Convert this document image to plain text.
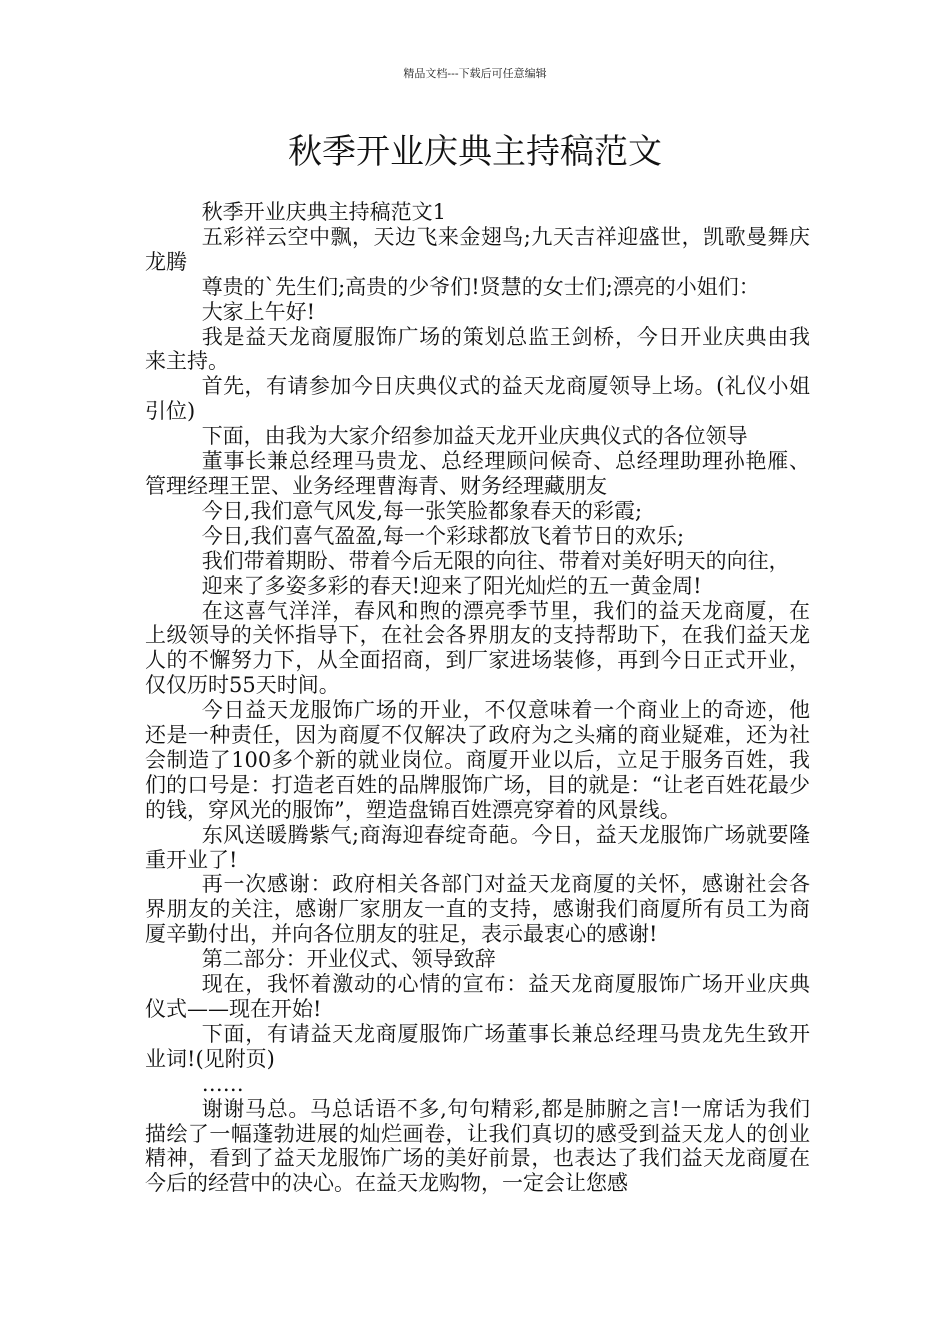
精品文档---下载后可任意编辑
秋季开业庆典主持稿范文

秋季开业庆典主持稿范文1

五彩祥云空中飘，天边飞来金翅鸟;九天吉祥迎盛世，凯歌曼舞庆龙腾

尊贵的`先生们;高贵的少爷们!贤慧的女士们;漂亮的小姐们：

大家上午好!

我是益天龙商厦服饰广场的策划总监王剑桥，今日开业庆典由我来主持。

首先，有请参加今日庆典仪式的益天龙商厦领导上场。(礼仪小姐引位)

下面，由我为大家介绍参加益天龙开业庆典仪式的各位领导

董事长兼总经理马贵龙、总经理顾问候奇、总经理助理孙艳雁、管理经理王罡、业务经理曹海青、财务经理藏朋友

今日,我们意气风发,每一张笑脸都象春天的彩霞;

今日,我们喜气盈盈,每一个彩球都放飞着节日的欢乐;

我们带着期盼、带着今后无限的向往、带着对美好明天的向往，

迎来了多姿多彩的春天!迎来了阳光灿烂的五一黄金周!

在这喜气洋洋，春风和煦的漂亮季节里，我们的益天龙商厦，在上级领导的关怀指导下，在社会各界朋友的支持帮助下，在我们益天龙人的不懈努力下，从全面招商，到厂家进场装修，再到今日正式开业，仅仅历时55天时间。

今日益天龙服饰广场的开业，不仅意味着一个商业上的奇迹，他还是一种责任，因为商厦不仅解决了政府为之头痛的商业疑难，还为社会制造了100多个新的就业岗位。商厦开业以后，立足于服务百姓，我们的口号是：打造老百姓的品牌服饰广场，目的就是：“让老百姓花最少的钱，穿风光的服饰”，塑造盘锦百姓漂亮穿着的风景线。

东风送暖腾紫气;商海迎春绽奇葩。今日，益天龙服饰广场就要隆重开业了!

再一次感谢：政府相关各部门对益天龙商厦的关怀，感谢社会各界朋友的关注，感谢厂家朋友一直的支持，感谢我们商厦所有员工为商厦辛勤付出，并向各位朋友的驻足，表示最衷心的感谢!

第二部分：开业仪式、领导致辞

现在，我怀着激动的心情的宣布：益天龙商厦服饰广场开业庆典仪式——现在开始!

下面，有请益天龙商厦服饰广场董事长兼总经理马贵龙先生致开业词!(见附页)

……

谢谢马总。马总话语不多,句句精彩,都是肺腑之言!一席话为我们描绘了一幅蓬勃进展的灿烂画卷，让我们真切的感受到益天龙人的创业精神，看到了益天龙服饰广场的美好前景，也表达了我们益天龙商厦在今后的经营中的决心。在益天龙购物，一定会让您感
